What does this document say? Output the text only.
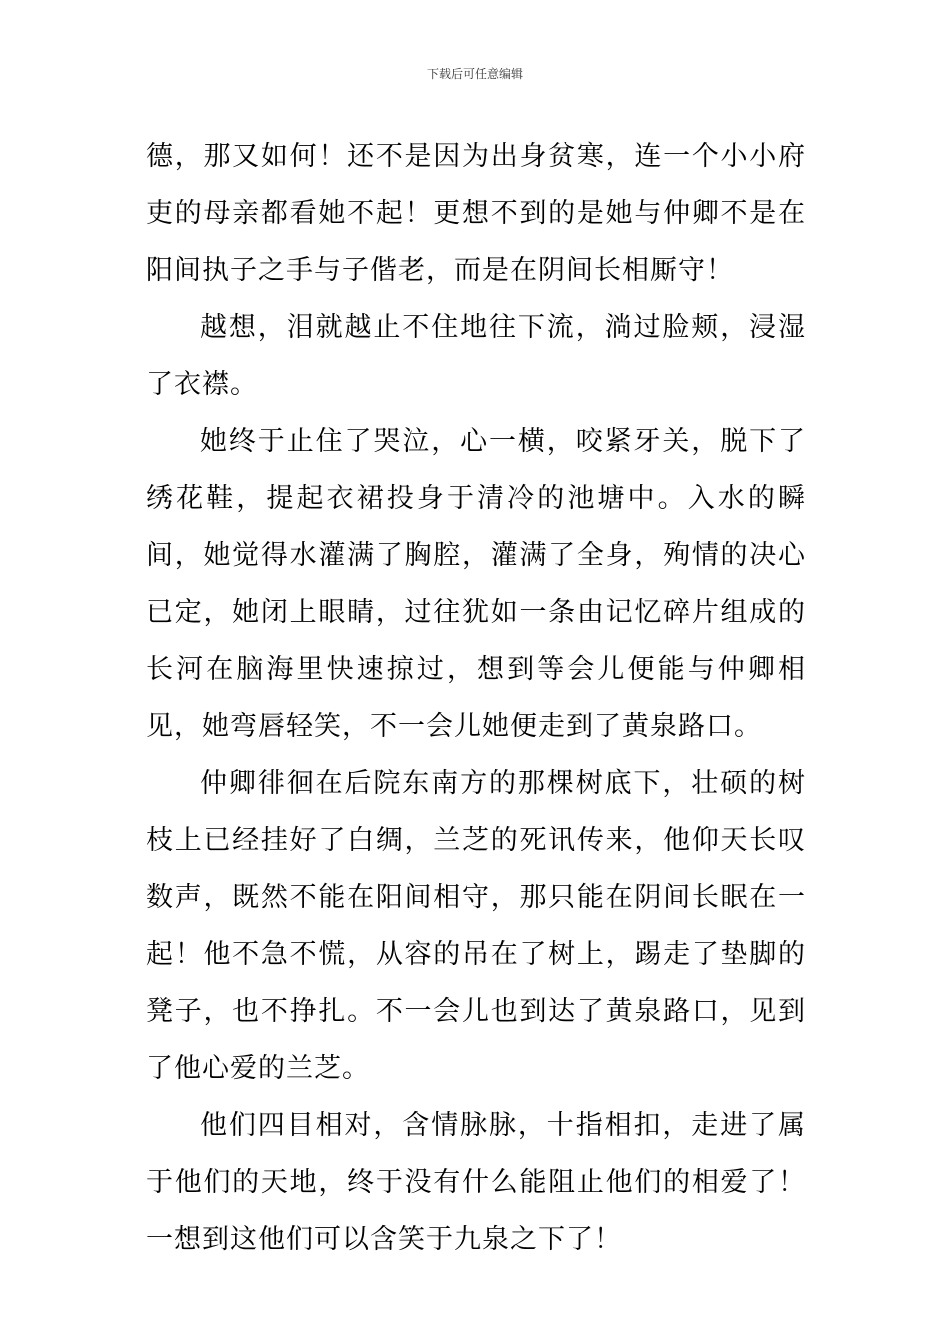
下载后可任意编辑

德，那又如何！还不是因为出身贫寒，连一个小小府吏的母亲都看她不起！更想不到的是她与仲卿不是在阳间执子之手与子偕老，而是在阴间长相厮守！

越想，泪就越止不住地往下流，淌过脸颊，浸湿了衣襟。

她终于止住了哭泣，心一横，咬紧牙关，脱下了绣花鞋，提起衣裙投身于清冷的池塘中。入水的瞬间，她觉得水灌满了胸腔，灌满了全身，殉情的决心已定，她闭上眼睛，过往犹如一条由记忆碎片组成的长河在脑海里快速掠过，想到等会儿便能与仲卿相见，她弯唇轻笑，不一会儿她便走到了黄泉路口。

仲卿徘徊在后院东南方的那棵树底下，壮硕的树枝上已经挂好了白绸，兰芝的死讯传来，他仰天长叹数声，既然不能在阳间相守，那只能在阴间长眠在一起！他不急不慌，从容的吊在了树上，踢走了垫脚的凳子，也不挣扎。不一会儿也到达了黄泉路口，见到了他心爱的兰芝。

他们四目相对，含情脉脉，十指相扣，走进了属于他们的天地，终于没有什么能阻止他们的相爱了！一想到这他们可以含笑于九泉之下了！
